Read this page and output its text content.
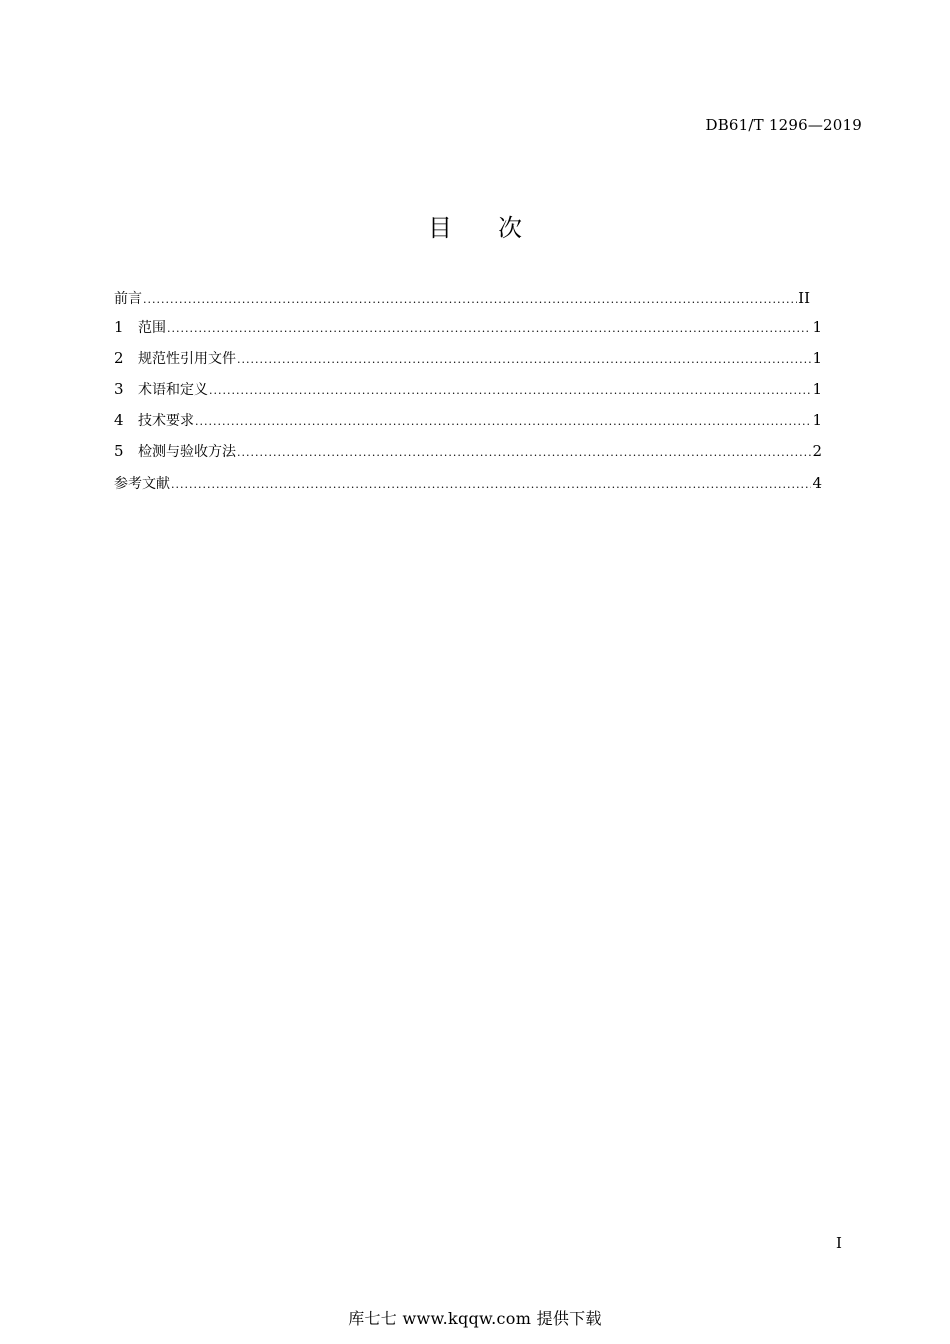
DB61/T 1296—2019
目次
前言 .....	II
1	范围 .....	1
2	规范性引用文件 .....	1
3	术语和定义 .....	1
4	技术要求 .....	1
5	检测与验收方法 .....	2
参考文献 .....	4
I
库七七 www.kqqw.com 提供下载
